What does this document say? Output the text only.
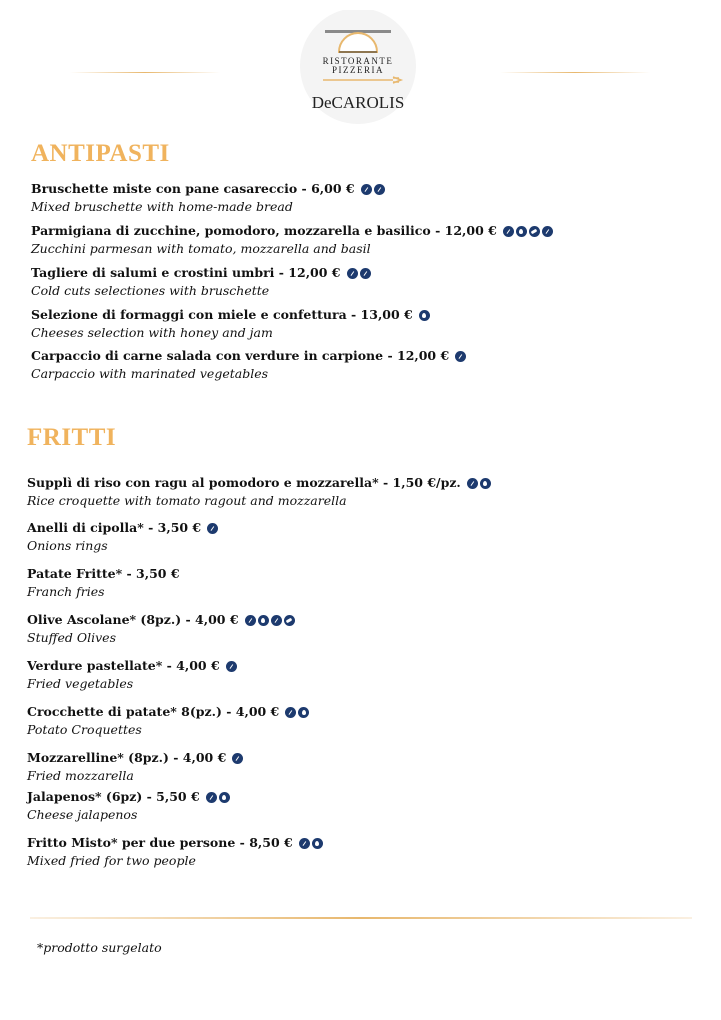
RISTORANTE
PIZZERIA
DeCAROLIS
ANTIPASTI
Bruschette miste con pane casareccio - 6,00 €
Mixed bruschette with home-made bread
Parmigiana di zucchine, pomodoro, mozzarella e basilico - 12,00 €
Zucchini parmesan with tomato, mozzarella and basil
Tagliere di salumi e crostini umbri - 12,00 €
Cold cuts selectiones with bruschette
Selezione di formaggi con miele e confettura - 13,00 €
Cheeses selection with honey and jam
Carpaccio di carne salada con verdure in carpione - 12,00 €
Carpaccio with marinated vegetables
FRITTI
Supplì di riso con ragu al pomodoro e mozzarella* - 1,50 €/pz.
Rice croquette with tomato ragout and mozzarella
Anelli di cipolla* - 3,50 €
Onions rings
Patate Fritte* - 3,50 €
Franch fries
Olive Ascolane* (8pz.) - 4,00 €
Stuffed Olives
Verdure pastellate* - 4,00 €
Fried vegetables
Crocchette di patate* 8(pz.) - 4,00 €
Potato Croquettes
Mozzarelline* (8pz.) - 4,00 €
Fried mozzarella
Jalapenos* (6pz) - 5,50 €
Cheese jalapenos
Fritto Misto* per due persone - 8,50 €
Mixed fried for two people
*prodotto surgelato
